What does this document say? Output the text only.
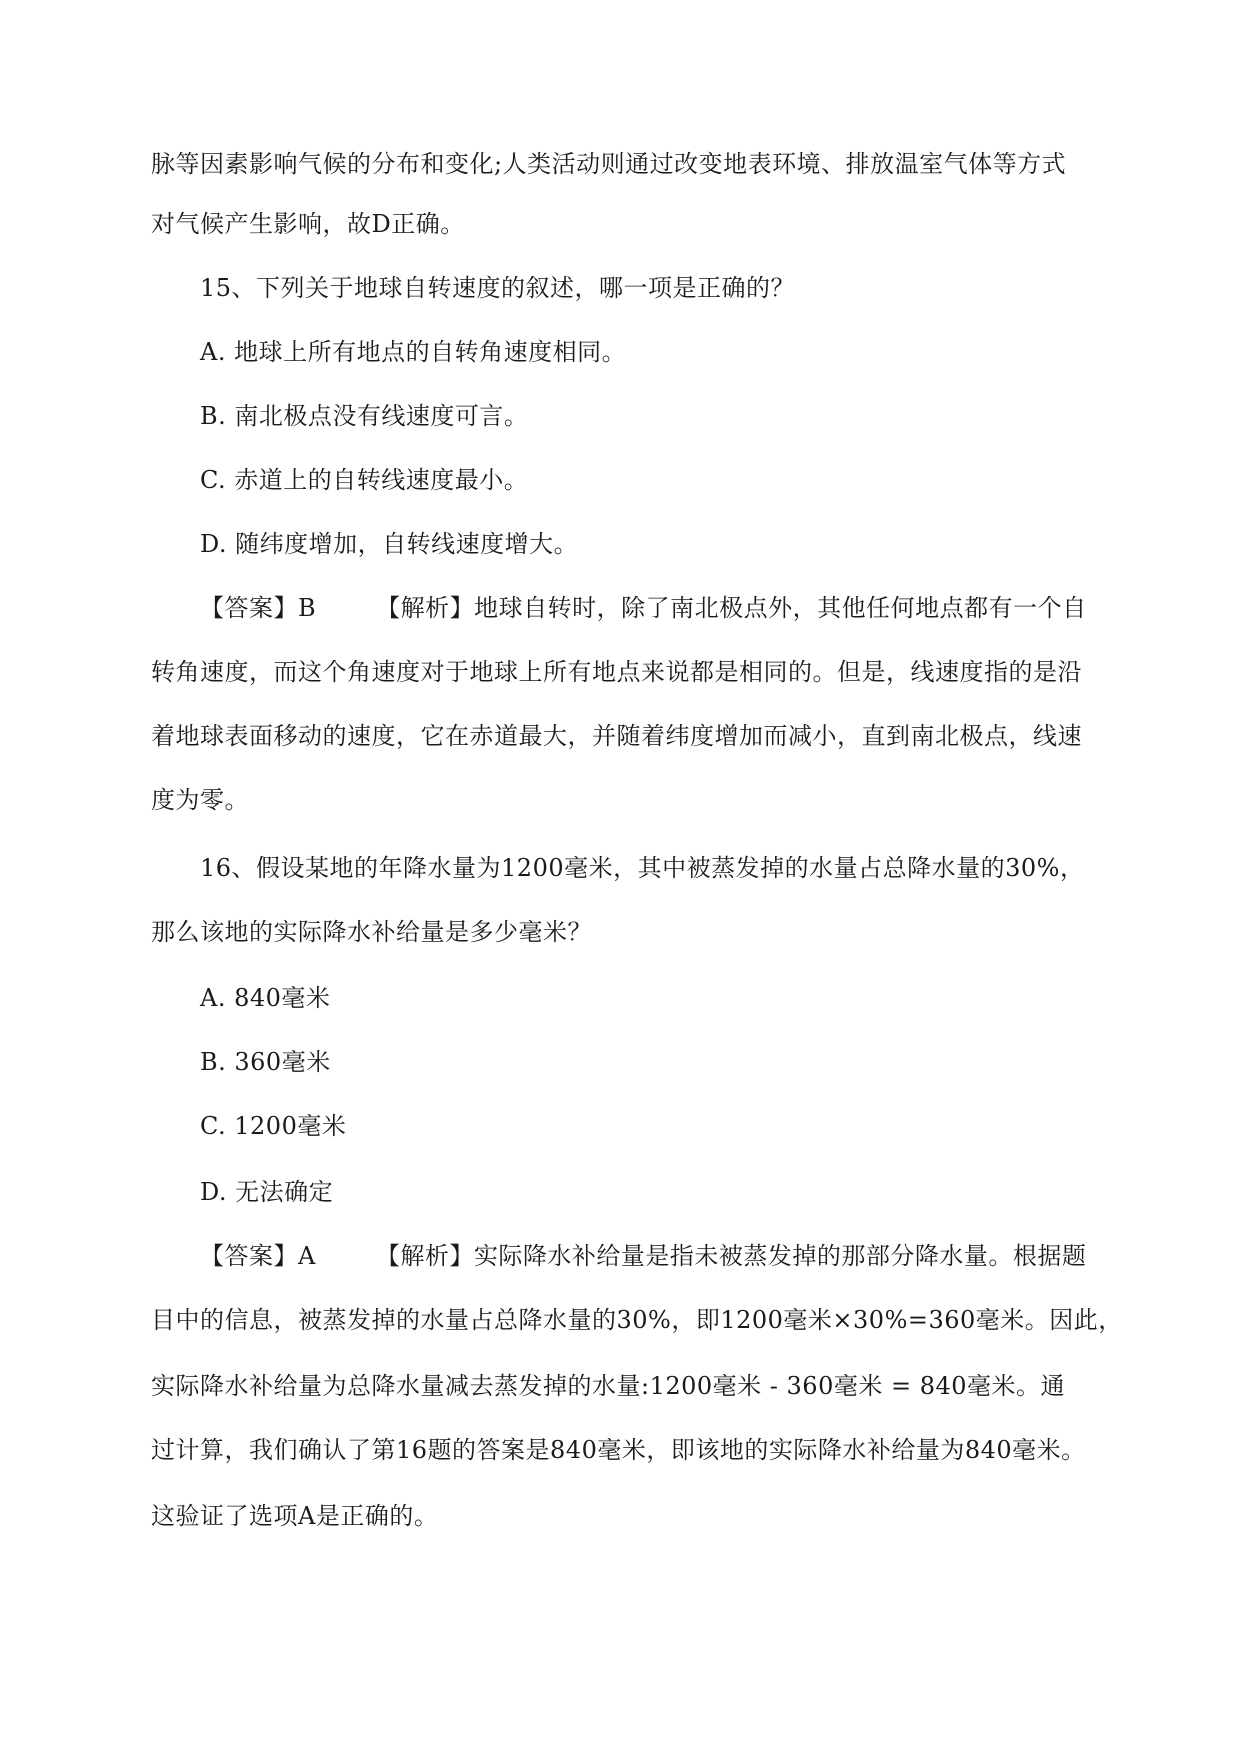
脉等因素影响气候的分布和变化;人类活动则通过改变地表环境、排放温室气体等方式
对气候产生影响，故D正确。
15、下列关于地球自转速度的叙述，哪一项是正确的？
A. 地球上所有地点的自转角速度相同。
B. 南北极点没有线速度可言。
C. 赤道上的自转线速度最小。
D. 随纬度增加，自转线速度增大。
【答案】B	【解析】地球自转时，除了南北极点外，其他任何地点都有一个自
转角速度，而这个角速度对于地球上所有地点来说都是相同的。但是，线速度指的是沿
着地球表面移动的速度，它在赤道最大，并随着纬度增加而减小，直到南北极点，线速
度为零。
16、假设某地的年降水量为1200毫米，其中被蒸发掉的水量占总降水量的30%，
那么该地的实际降水补给量是多少毫米？
A. 840毫米
B. 360毫米
C. 1200毫米
D. 无法确定
【答案】A	【解析】实际降水补给量是指未被蒸发掉的那部分降水量。根据题
目中的信息，被蒸发掉的水量占总降水量的30%，即1200毫米×30%=360毫米。因此，
实际降水补给量为总降水量减去蒸发掉的水量:1200毫米 - 360毫米 = 840毫米。通
过计算，我们确认了第16题的答案是840毫米，即该地的实际降水补给量为840毫米。
这验证了选项A是正确的。
